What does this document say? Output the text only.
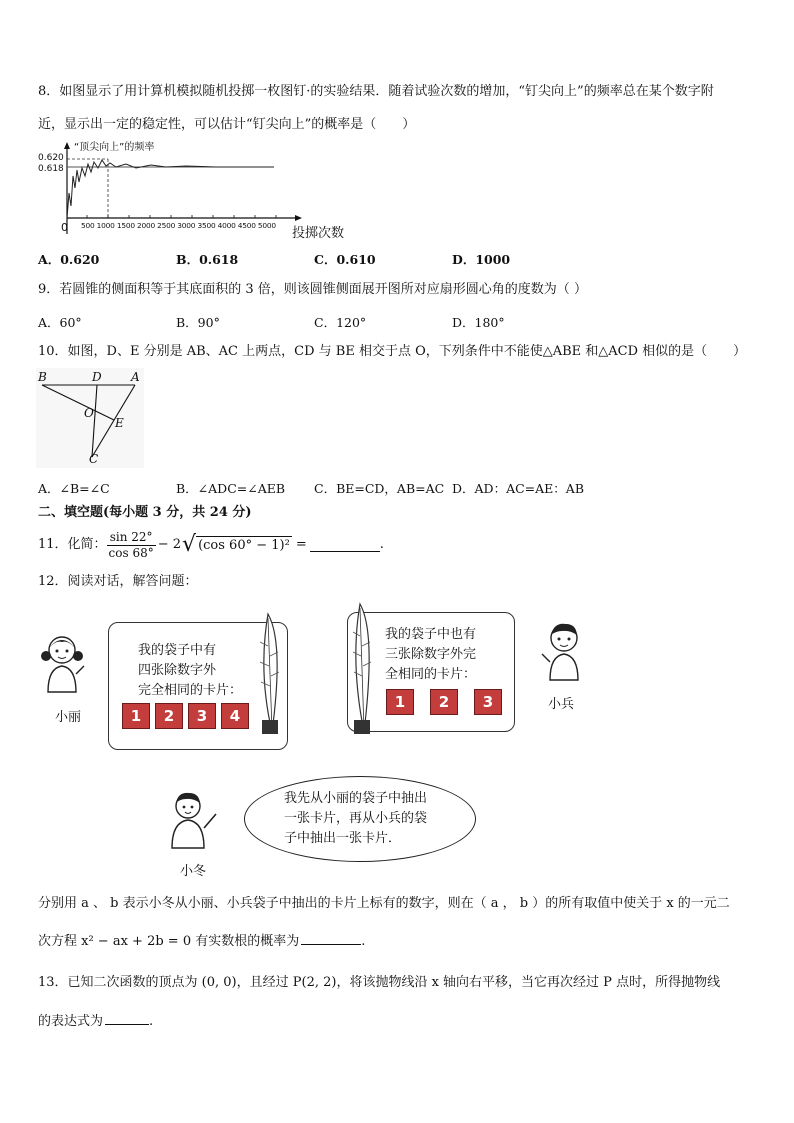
8．如图显示了用计算机模拟随机投掷一枚图钉·的实验结果．随着试验次数的增加，“钉尖向上”的频率总在某个数字附
近，显示出一定的稳定性，可以估计“钉尖向上”的概率是（　　）
“顶尖向上”的频率
0.620
0.618
0 500 1000 1500 2000 2500 3000 3500 4000 4500 5000
投掷次数
A．0.620	B．0.618	C．0.610	D．1000
9．若圆锥的侧面积等于其底面积的 3 倍，则该圆锥侧面展开图所对应扇形圆心角的度数为（ ）
A．60°	B．90°	C．120°	D．180°
10．如图，D、E 分别是 AB、AC 上两点，CD 与 BE 相交于点 O，下列条件中不能使△ABE 和△ACD 相似的是（　　）
B	D A
O
E
C
A．∠B=∠C	B．∠ADC=∠AEB C．BE=CD，AB=AC D．AD：AC=AE：AB
二、填空题(每小题 3 分，共 24 分)
11．化简： $\frac{\sin 22^\circ}{\cos 68^\circ} - 2$ √ (cos 60° − 1)² =	.
12．阅读对话，解答问题：
小丽
我的袋子中有
四张除数字外
完全相同的卡片：
1 2 3 4
我的袋子中也有
三张除数字外完
全相同的卡片：
1 2 3	小兵
小冬
我先从小丽的袋子中抽出
一张卡片，再从小兵的袋
子中抽出一张卡片．
分别用 a 、 b 表示小冬从小丽、小兵袋子中抽出的卡片上标有的数字，则在（ a ， b ）的所有取值中使关于 x 的一元二
次方程 x² − ax + 2b = 0 有实数根的概率为	.
13．已知二次函数的顶点为 (0, 0)，且经过 P(2, 2)，将该抛物线沿 x 轴向右平移，当它再次经过 P 点时，所得抛物线
的表达式为	.
